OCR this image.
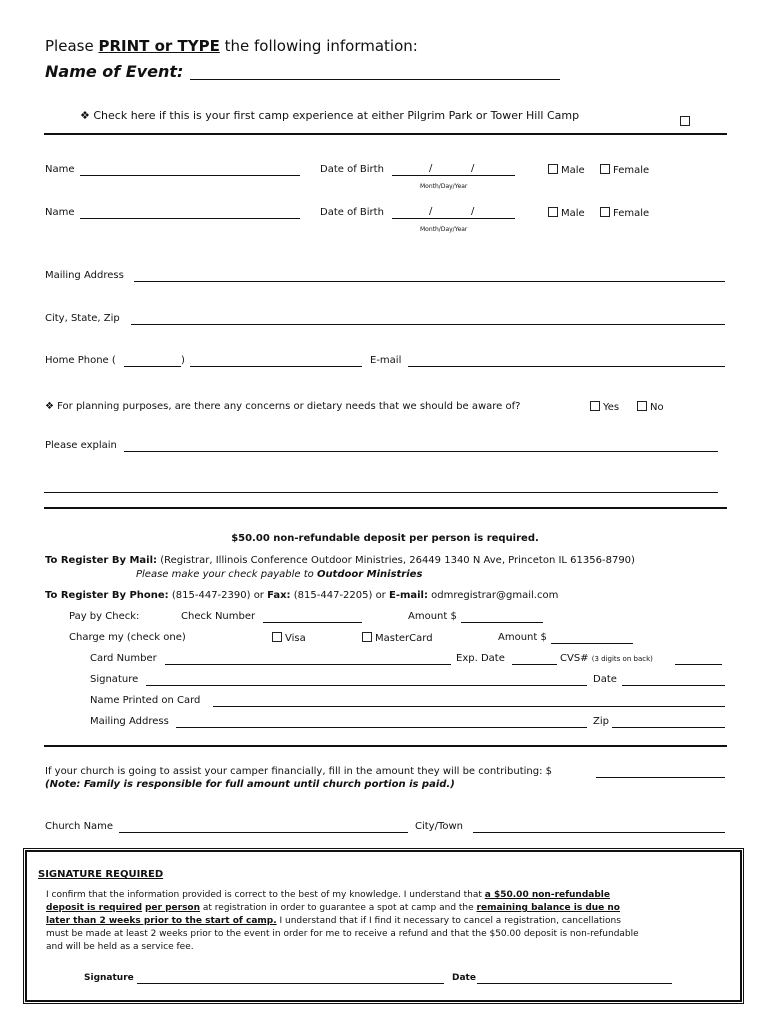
Please PRINT or TYPE the following information:
Name of Event:
❖ Check here if this is your first camp experience at either Pilgrim Park or Tower Hill Camp
Name	Date of Birth	/	/
Month/Day/Year
Male	Female
Name	Date of Birth	/	/
Month/Day/Year
Male	Female
Mailing Address
City, State, Zip
Home Phone (	)	E-mail
❖ For planning purposes, are there any concerns or dietary needs that we should be aware of?	Yes	No
Please explain
$50.00 non-refundable deposit per person is required.
To Register By Mail: (Registrar, Illinois Conference Outdoor Ministries, 26449 1340 N Ave, Princeton IL 61356-8790)
Please make your check payable to Outdoor Ministries
To Register By Phone: (815-447-2390) or Fax: (815-447-2205) or E-mail: odmregistrar@gmail.com
Pay by Check:	Check Number	Amount $
Charge my (check one)	Visa	MasterCard	Amount $
Card Number	Exp. Date	CVS# (3 digits on back)
Signature	Date
Name Printed on Card
Mailing Address	Zip
If your church is going to assist your camper financially, fill in the amount they will be contributing: $
(Note: Family is responsible for full amount until church portion is paid.)
Church Name	City/Town
SIGNATURE REQUIRED
I confirm that the information provided is correct to the best of my knowledge. I understand that a $50.00 non-refundable
deposit is required per person at registration in order to guarantee a spot at camp and the remaining balance is due no
later than 2 weeks prior to the start of camp. I understand that if I find it necessary to cancel a registration, cancellations
must be made at least 2 weeks prior to the event in order for me to receive a refund and that the $50.00 deposit is non-refundable
and will be held as a service fee.
Signature	Date
